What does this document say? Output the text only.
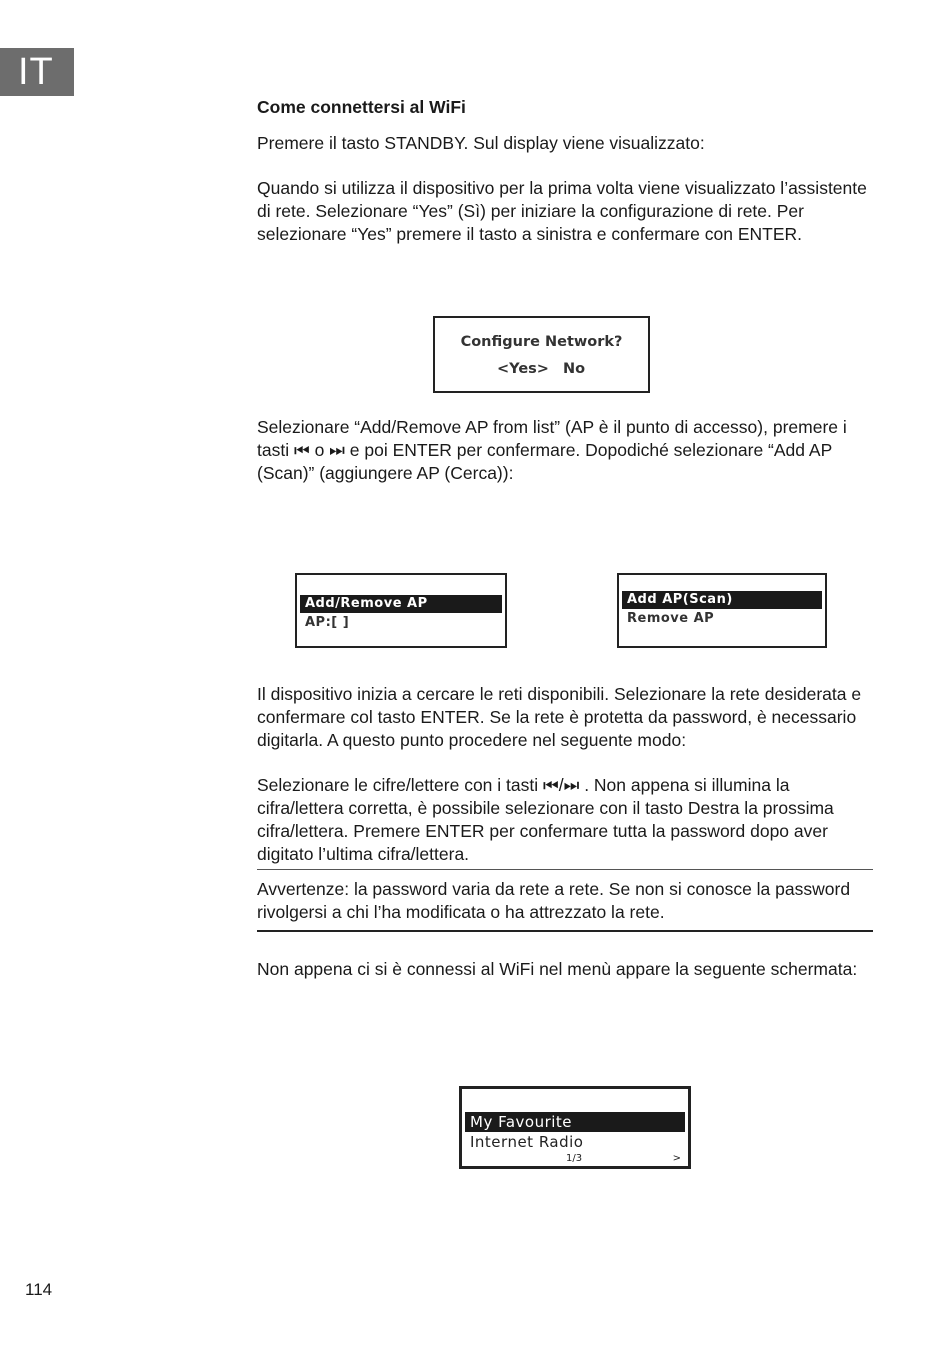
IT
Come connettersi al WiFi

Premere il tasto STANDBY. Sul display viene visualizzato:

Quando si utilizza il dispositivo per la prima volta viene visualizzato l’assistente di rete. Selezionare “Yes” (Sì) per iniziare la configurazione di rete. Per selezionare “Yes” premere il tasto a sinistra e confermare con ENTER.

Configure Network?
<Yes> No

Selezionare “Add/Remove AP from list” (AP è il punto di accesso), premere i tasti ⏮ o ⏭ e poi ENTER per confermare. Dopodiché selezionare “Add AP (Scan)” (aggiungere AP (Cerca)):

Add/Remove AP
AP:[ ]
Add AP(Scan)
Remove AP

Il dispositivo inizia a cercare le reti disponibili. Selezionare la rete desiderata e confermare col tasto ENTER. Se la rete è protetta da password, è necessario digitarla. A questo punto procedere nel seguente modo:

Selezionare le cifre/lettere con i tasti ⏮/⏭ . Non appena si illumina la cifra/lettera corretta, è possibile selezionare con il tasto Destra la prossima cifra/lettera. Premere ENTER per confermare tutta la password dopo aver digitato l’ultima cifra/lettera.

Avvertenze: la password varia da rete a rete. Se non si conosce la password rivolgersi a chi l’ha modificata o ha attrezzato la rete.

Non appena ci si è connessi al WiFi nel menù appare la seguente schermata:

My Favourite
Internet Radio
1/3	>
114
